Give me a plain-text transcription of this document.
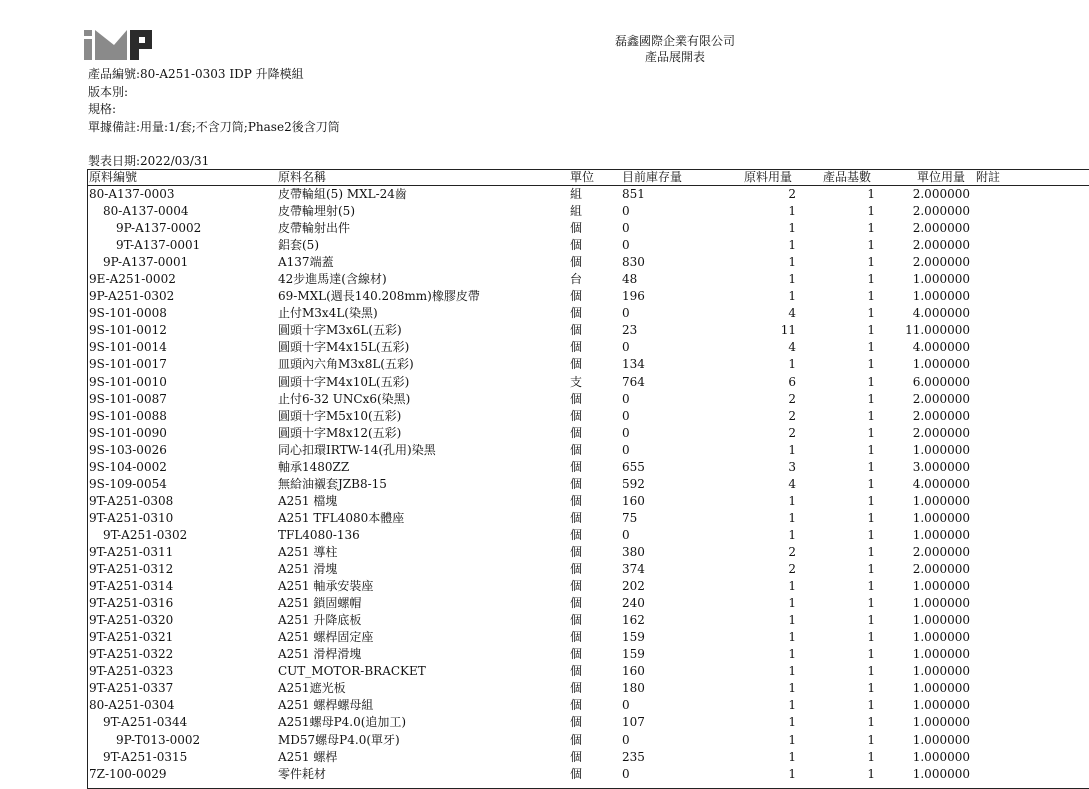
磊鑫國際企業有限公司
產品展開表
產品編號:80-A251-0303 IDP 升降模組
版本別:
規格:
單據備註:用量:1/套;不含刀筒;Phase2後含刀筒
製表日期:2022/03/31
原料編號	原料名稱	單位 目前庫存量	原料用量	產品基數	單位用量 附註
80-A137-0003	皮帶輪組(5) MXL-24齒	組	851	2	1	2.000000
80-A137-0004	皮帶輪埋射(5)	組	0	1	1	2.000000
9P-A137-0002	皮帶輪射出件	個	0	1	1	2.000000
9T-A137-0001	鋁套(5)	個	0	1	1	2.000000
9P-A137-0001	A137端蓋	個	830	1	1	2.000000
9E-A251-0002	42步進馬達(含線材)	台	48	1	1	1.000000
9P-A251-0302	69-MXL(週長140.208mm)橡膠皮帶	個	196	1	1	1.000000
9S-101-0008	止付M3x4L(染黑)	個	0	4	1	4.000000
9S-101-0012	圓頭十字M3x6L(五彩)	個	23	11	1	11.000000
9S-101-0014	圓頭十字M4x15L(五彩)	個	0	4	1	4.000000
9S-101-0017	皿頭內六角M3x8L(五彩)	個	134	1	1	1.000000
9S-101-0010	圓頭十字M4x10L(五彩)	支	764	6	1	6.000000
9S-101-0087	止付6-32 UNCx6(染黑)	個	0	2	1	2.000000
9S-101-0088	圓頭十字M5x10(五彩)	個	0	2	1	2.000000
9S-101-0090	圓頭十字M8x12(五彩)	個	0	2	1	2.000000
9S-103-0026	同心扣環IRTW-14(孔用)染黑	個	0	1	1	1.000000
9S-104-0002	軸承1480ZZ	個	655	3	1	3.000000
9S-109-0054	無給油襯套JZB8-15	個	592	4	1	4.000000
9T-A251-0308	A251 檔塊	個	160	1	1	1.000000
9T-A251-0310	A251 TFL4080本體座	個	75	1	1	1.000000
9T-A251-0302	TFL4080-136	個	0	1	1	1.000000
9T-A251-0311	A251 導柱	個	380	2	1	2.000000
9T-A251-0312	A251 滑塊	個	374	2	1	2.000000
9T-A251-0314	A251 軸承安裝座	個	202	1	1	1.000000
9T-A251-0316	A251 鎖固螺帽	個	240	1	1	1.000000
9T-A251-0320	A251 升降底板	個	162	1	1	1.000000
9T-A251-0321	A251 螺桿固定座	個	159	1	1	1.000000
9T-A251-0322	A251 滑桿滑塊	個	159	1	1	1.000000
9T-A251-0323	CUT_MOTOR-BRACKET	個	160	1	1	1.000000
9T-A251-0337	A251遮光板	個	180	1	1	1.000000
80-A251-0304	A251 螺桿螺母組	個	0	1	1	1.000000
9T-A251-0344	A251螺母P4.0(追加工)	個	107	1	1	1.000000
9P-T013-0002	MD57螺母P4.0(單牙)	個	0	1	1	1.000000
9T-A251-0315	A251 螺桿	個	235	1	1	1.000000
7Z-100-0029	零件耗材	個	0	1	1	1.000000
